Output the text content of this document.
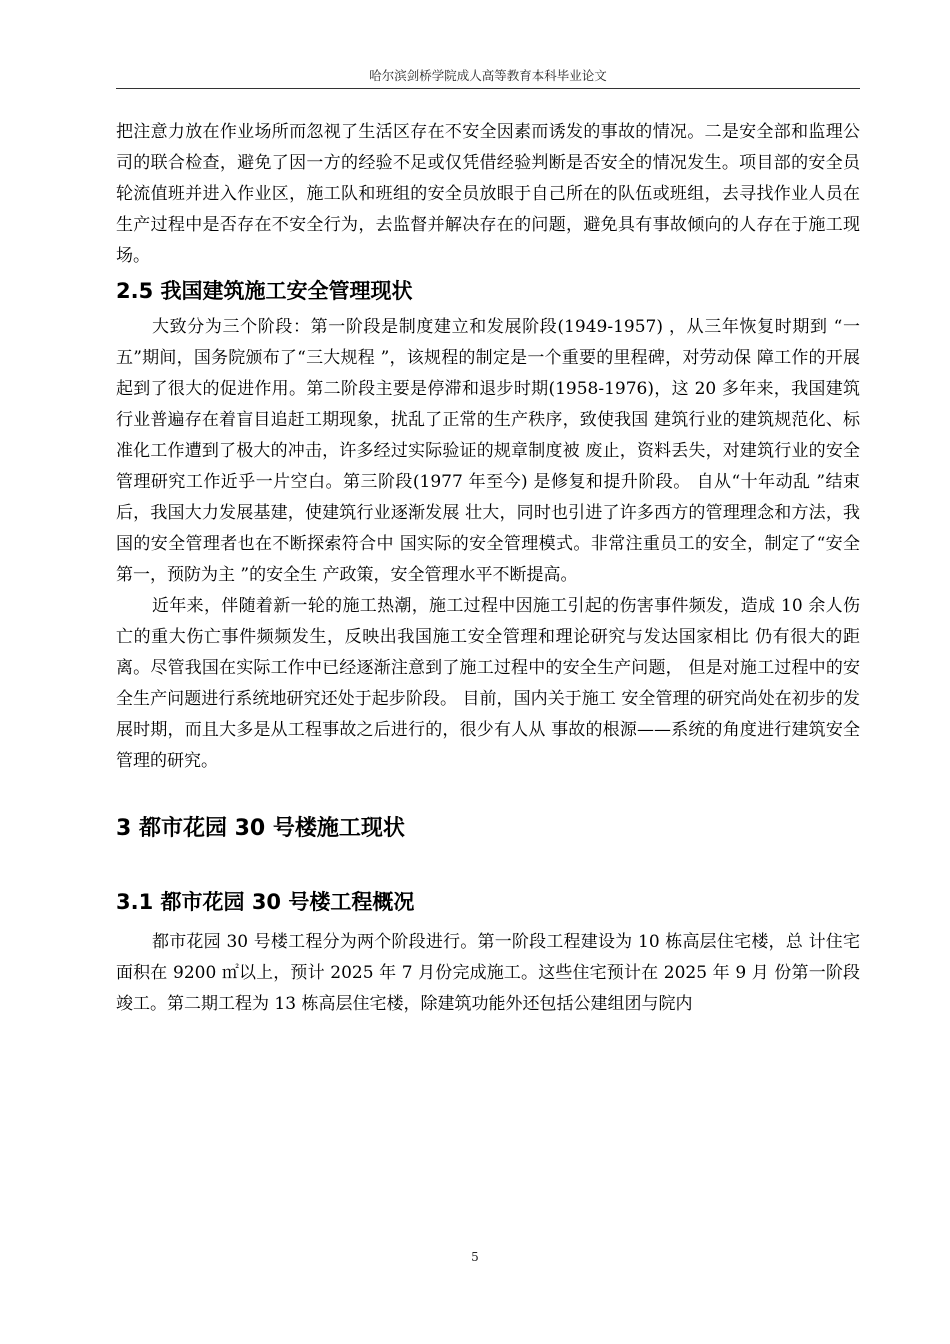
哈尔滨剑桥学院成人高等教育本科毕业论文

把注意力放在作业场所而忽视了生活区存在不安全因素而诱发的事故的情况。二是安全部和监理公司的联合检查，避免了因一方的经验不足或仅凭借经验判断是否安全的情况发生。项目部的安全员轮流值班并进入作业区，施工队和班组的安全员放眼于自己所在的队伍或班组，去寻找作业人员在生产过程中是否存在不安全行为，去监督并解决存在的问题，避免具有事故倾向的人存在于施工现场。

2.5 我国建筑施工安全管理现状

大致分为三个阶段：第一阶段是制度建立和发展阶段(1949-1957) ，从三年恢复时期到 “一五”期间，国务院颁布了“三大规程 ”，该规程的制定是一个重要的里程碑，对劳动保 障工作的开展起到了很大的促进作用。第二阶段主要是停滞和退步时期(1958-1976)，这 20 多年来，我国建筑行业普遍存在着盲目追赶工期现象，扰乱了正常的生产秩序，致使我国 建筑行业的建筑规范化、标准化工作遭到了极大的冲击，许多经过实际验证的规章制度被 废止，资料丢失，对建筑行业的安全管理研究工作近乎一片空白。第三阶段(1977 年至今) 是修复和提升阶段。 自从“十年动乱 ”结束后，我国大力发展基建，使建筑行业逐渐发展 壮大，同时也引进了许多西方的管理理念和方法，我国的安全管理者也在不断探索符合中 国实际的安全管理模式。非常注重员工的安全，制定了“安全第一，预防为主 ”的安全生 产政策，安全管理水平不断提高。

近年来，伴随着新一轮的施工热潮，施工过程中因施工引起的伤害事件频发，造成 10 余人伤亡的重大伤亡事件频频发生，反映出我国施工安全管理和理论研究与发达国家相比 仍有很大的距离。尽管我国在实际工作中已经逐渐注意到了施工过程中的安全生产问题， 但是对施工过程中的安全生产问题进行系统地研究还处于起步阶段。 目前，国内关于施工 安全管理的研究尚处在初步的发展时期，而且大多是从工程事故之后进行的，很少有人从 事故的根源——系统的角度进行建筑安全管理的研究。

3 都市花园 30 号楼施工现状
3.1 都市花园 30 号楼工程概况

都市花园 30 号楼工程分为两个阶段进行。第一阶段工程建设为 10 栋高层住宅楼，总 计住宅面积在 9200 ㎡以上，预计 2025 年 7 月份完成施工。这些住宅预计在 2025 年 9 月 份第一阶段竣工。第二期工程为 13 栋高层住宅楼，除建筑功能外还包括公建组团与院内

5
